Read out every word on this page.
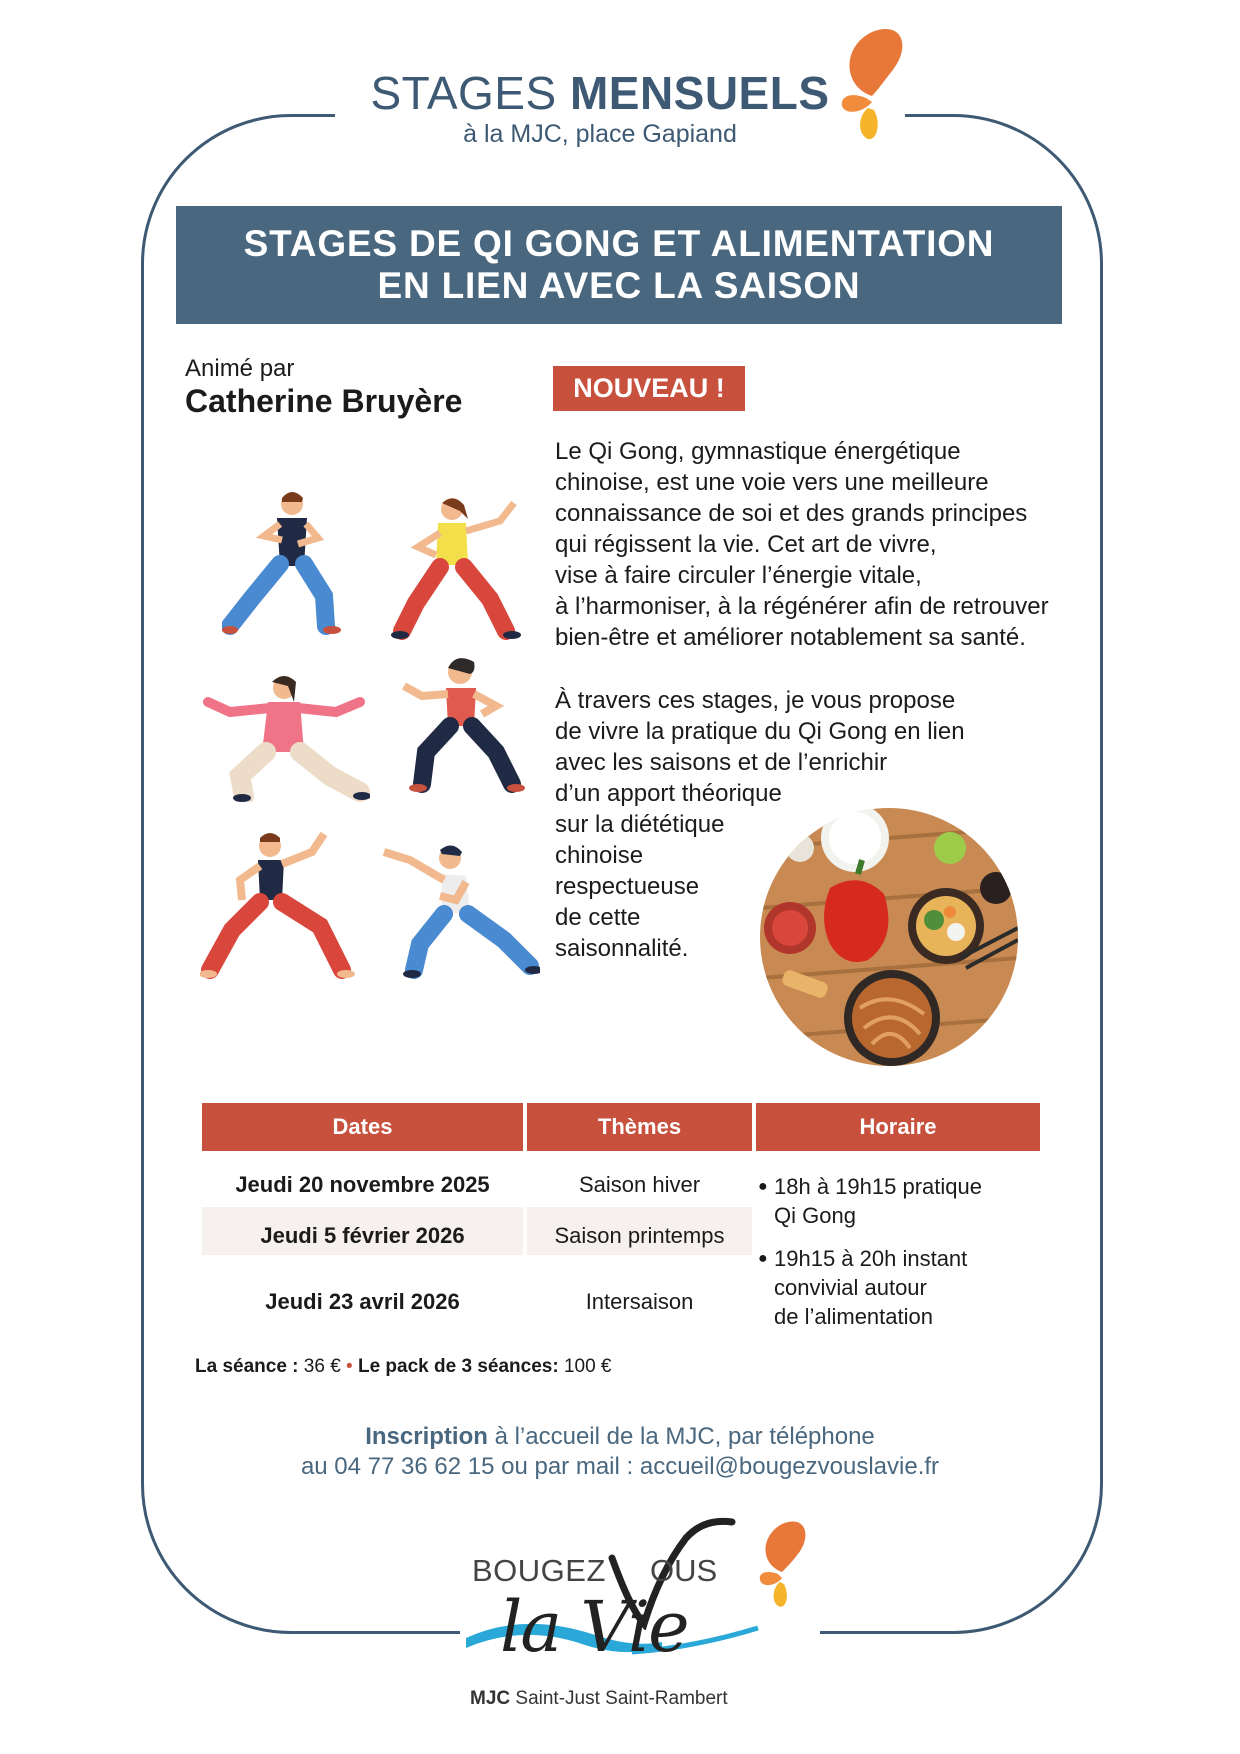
STAGES MENSUELS
à la MJC, place Gapiand
STAGES DE QI GONG ET ALIMENTATION
EN LIEN AVEC LA SAISON
Animé par
Catherine Bruyère	NOUVEAU !
Le Qi Gong, gymnastique énergétique
chinoise, est une voie vers une meilleure
connaissance de soi et des grands principes
qui régissent la vie. Cet art de vivre,
vise à faire circuler l’énergie vitale,
à l’harmoniser, à la régénérer afin de retrouver
bien-être et améliorer notablement sa santé.
À travers ces stages, je vous propose
de vivre la pratique du Qi Gong en lien
avec les saisons et de l’enrichir
d’un apport théorique
sur la diététique
chinoise
respectueuse
de cette
saisonnalité.
Dates	Thèmes	Horaire
Jeudi 20 novembre 2025	Saison hiver
Jeudi 5 février 2026	Saison printemps
Jeudi 23 avril 2026	Intersaison
● 18h à 19h15 pratique
Qi Gong
● 19h15 à 20h instant
convivial autour
de l’alimentation
La séance : 36 € • Le pack de 3 séances: 100 €
Inscription à l’accueil de la MJC, par téléphone
au 04 77 36 62 15 ou par mail : accueil@bougezvouslavie.fr
BOUGEZ OUS
la Vie
MJC Saint-Just Saint-Rambert
